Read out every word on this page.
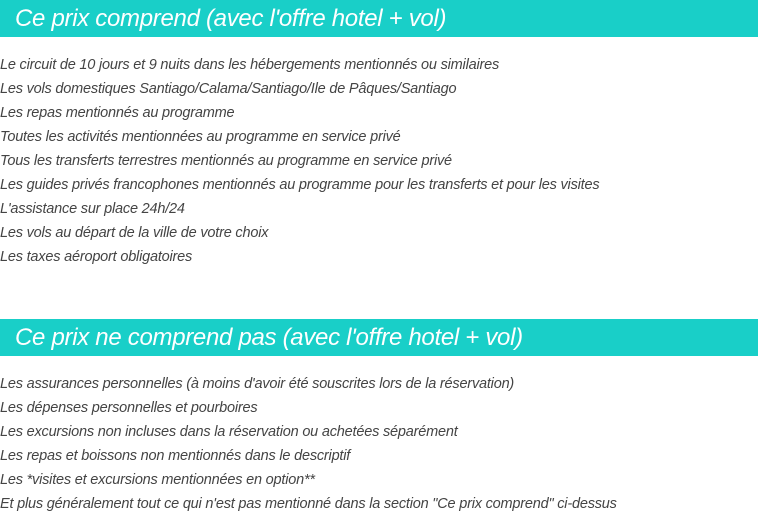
Ce prix comprend (avec l'offre hotel + vol)
Le circuit de 10 jours et 9 nuits dans les hébergements mentionnés ou similaires
Les vols domestiques Santiago/Calama/Santiago/Ile de Pâques/Santiago
Les repas mentionnés au programme
Toutes les activités mentionnées au programme en service privé
Tous les transferts terrestres mentionnés au programme en service privé
Les guides privés francophones mentionnés au programme pour les transferts et pour les visites
L'assistance sur place 24h/24
Les vols au départ de la ville de votre choix
Les taxes aéroport obligatoires
Ce prix ne comprend pas (avec l'offre hotel + vol)
Les assurances personnelles (à moins d'avoir été souscrites lors de la réservation)
Les dépenses personnelles et pourboires
Les excursions non incluses dans la réservation ou achetées séparément
Les repas et boissons non mentionnés dans le descriptif
Les *visites et excursions mentionnées en option**
Et plus généralement tout ce qui n'est pas mentionné dans la section "Ce prix comprend" ci-dessus
